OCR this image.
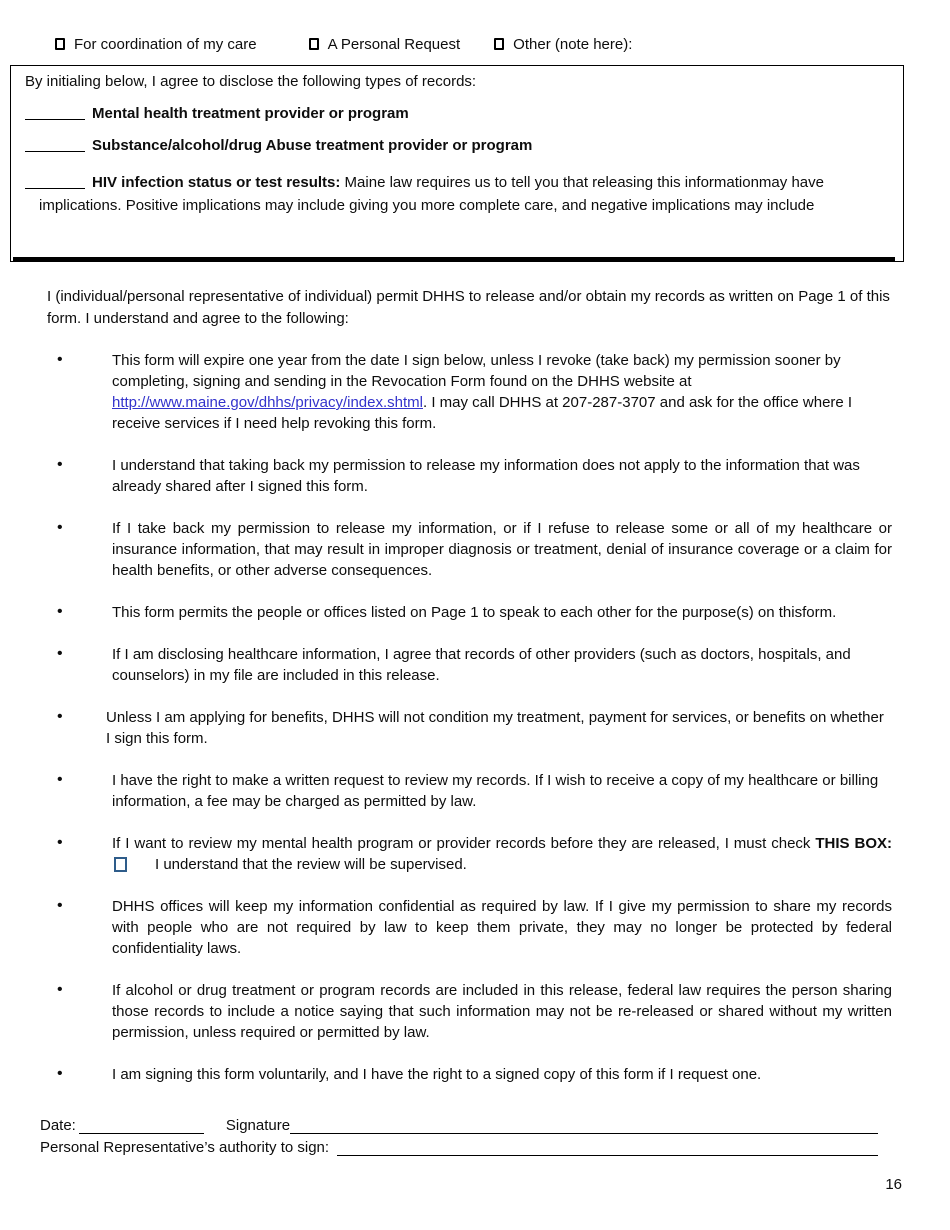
For coordination of my care	A Personal Request	Other (note here):
By initialing below, I agree to disclose the following types of records:
Mental health treatment provider or program
Substance/alcohol/drug Abuse treatment provider or program
HIV infection status or test results: Maine law requires us to tell you that releasing this informationmay have implications. Positive implications may include giving you more complete care, and negative implications may include
I (individual/personal representative of individual) permit DHHS to release and/or obtain my records as written on Page 1 of this form. I understand and agree to the following:
• This form will expire one year from the date I sign below, unless I revoke (take back) my permission sooner by completing, signing and sending in the Revocation Form found on the DHHS website at http://www.maine.gov/dhhs/privacy/index.shtml. I may call DHHS at 207-287-3707 and ask for the office where I receive services if I need help revoking this form.
• I understand that taking back my permission to release my information does not apply to the information that was already shared after I signed this form.
• If I take back my permission to release my information, or if I refuse to release some or all of my healthcare or insurance information, that may result in improper diagnosis or treatment, denial of insurance coverage or a claim for health benefits, or other adverse consequences.
• This form permits the people or offices listed on Page 1 to speak to each other for the purpose(s) on thisform.
• If I am disclosing healthcare information, I agree that records of other providers (such as doctors, hospitals, and counselors) in my file are included in this release.
• Unless I am applying for benefits, DHHS will not condition my treatment, payment for services, or benefits on whether I sign this form.
• I have the right to make a written request to review my records. If I wish to receive a copy of my healthcare or billing information, a fee may be charged as permitted by law.
• If I want to review my mental health program or provider records before they are released, I must check THIS BOX:I understand that the review will be supervised.
• DHHS offices will keep my information confidential as required by law. If I give my permission to share my records with people who are not required by law to keep them private, they may no longer be protected by federal confidentiality laws.
• If alcohol or drug treatment or program records are included in this release, federal law requires the person sharing those records to include a notice saying that such information may not be re-released or shared without my written permission, unless required or permitted by law.
• I am signing this form voluntarily, and I have the right to a signed copy of this form if I request one.
Date:	Signature
Personal Representative’s authority to sign:
16
